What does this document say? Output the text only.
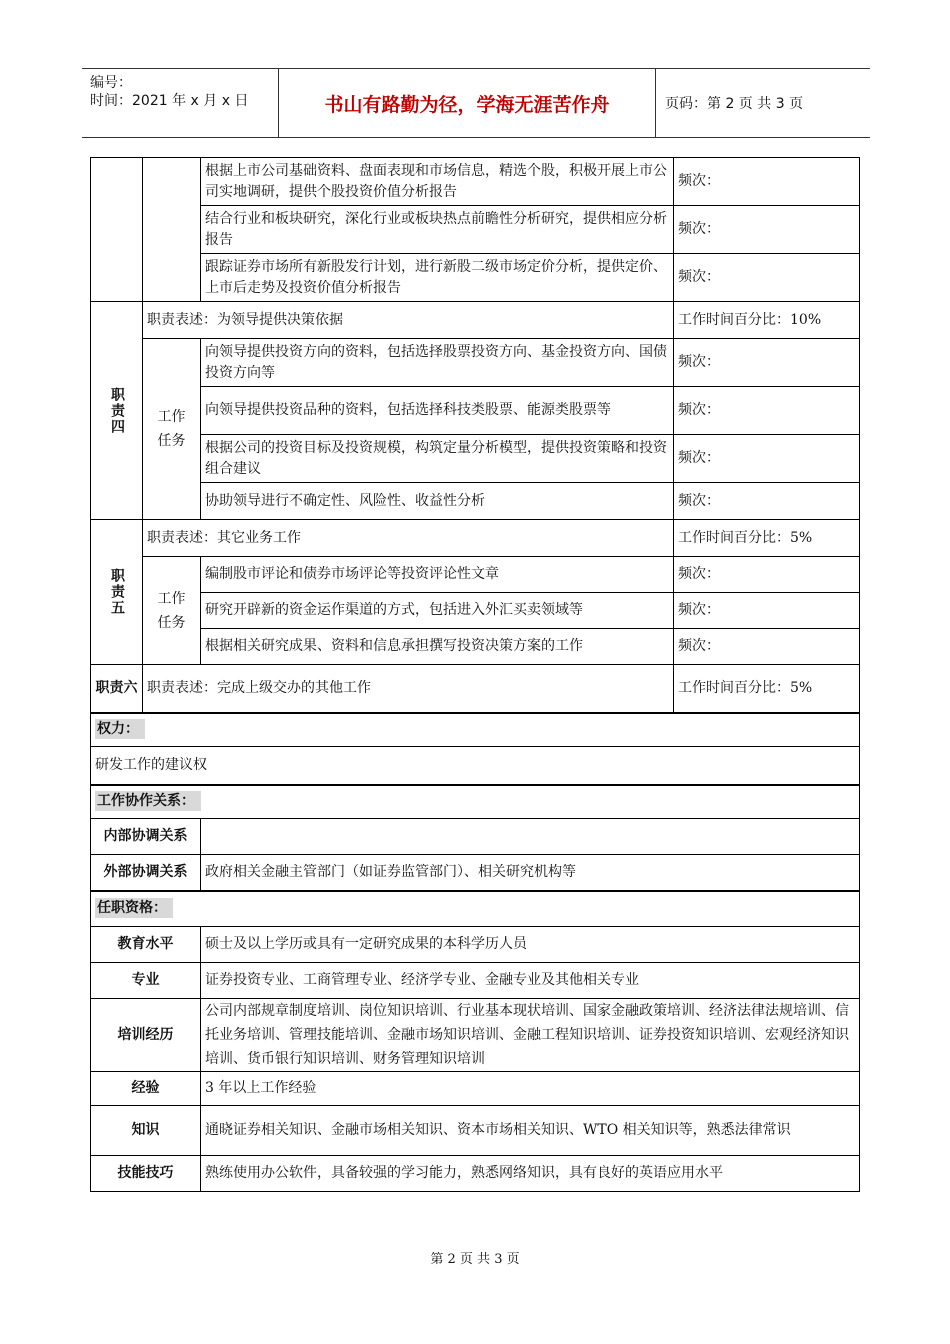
编号：
时间：2021 年 x 月 x 日	书山有路勤为径，学海无涯苦作舟	页码：第 2 页 共 3 页
		根据上市公司基础资料、盘面表现和市场信息，精选个股，积极开展上市公司实地调研，提供个股投资价值分析报告	频次：
		结合行业和板块研究，深化行业或板块热点前瞻性分析研究，提供相应分析报告	频次：
		跟踪证券市场所有新股发行计划，进行新股二级市场定价分析，提供定价、上市后走势及投资价值分析报告	频次：
职责四	职责表述：为领导提供决策依据		工作时间百分比：10%
	工作任务	向领导提供投资方向的资料，包括选择股票投资方向、基金投资方向、国债投资方向等	频次：
		向领导提供投资品种的资料，包括选择科技类股票、能源类股票等	频次：
		根据公司的投资目标及投资规模，构筑定量分析模型，提供投资策略和投资组合建议	频次：
		协助领导进行不确定性、风险性、收益性分析	频次：
职责五	职责表述：其它业务工作		工作时间百分比：5%
	工作任务	编制股市评论和债券市场评论等投资评论性文章	频次：
		研究开辟新的资金运作渠道的方式，包括进入外汇买卖领域等	频次：
		根据相关研究成果、资料和信息承担撰写投资决策方案的工作	频次：
职责六	职责表述：完成上级交办的其他工作		工作时间百分比：5%
权力：			
研发工作的建议权			
工作协作关系：			
内部协调关系			
外部协调关系		政府相关金融主管部门（如证券监管部门）、相关研究机构等	
任职资格：			
教育水平		硕士及以上学历或具有一定研究成果的本科学历人员	
专业		证券投资专业、工商管理专业、经济学专业、金融专业及其他相关专业	
培训经历		公司内部规章制度培训、岗位知识培训、行业基本现状培训、国家金融政策培训、经济法律法规培训、信托业务培训、管理技能培训、金融市场知识培训、金融工程知识培训、证券投资知识培训、宏观经济知识培训、货币银行知识培训、财务管理知识培训	
经验		3 年以上工作经验	
知识		通晓证券相关知识、金融市场相关知识、资本市场相关知识、WTO 相关知识等，熟悉法律常识	
技能技巧		熟练使用办公软件，具备较强的学习能力，熟悉网络知识，具有良好的英语应用水平	
第 2 页 共 3 页
